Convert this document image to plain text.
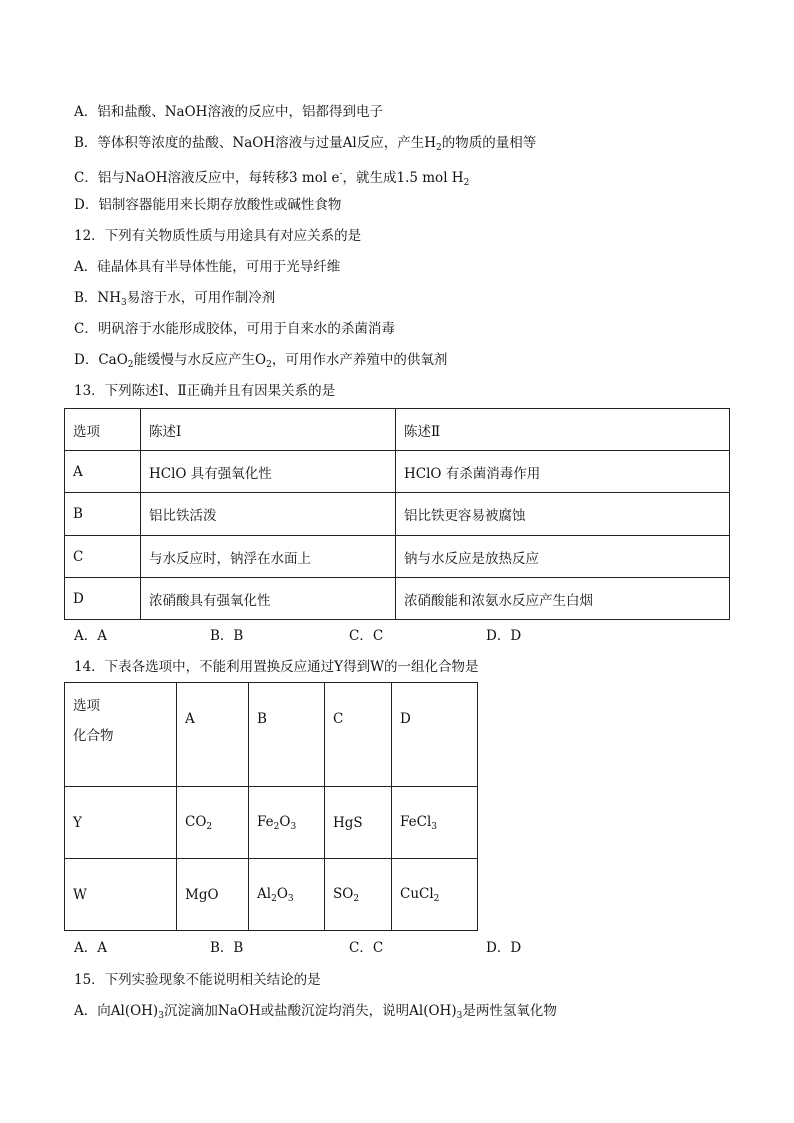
A．铝和盐酸、NaOH溶液的反应中，铝都得到电子
B．等体积等浓度的盐酸、NaOH溶液与过量Al反应，产生$H_2$的物质的量相等
C．铝与NaOH溶液反应中，每转移3 mol e-，就生成1.5 mol $H_2$
D．铝制容器能用来长期存放酸性或碱性食物
12．下列有关物质性质与用途具有对应关系的是
A．硅晶体具有半导体性能，可用于光导纤维
B．$NH_3$易溶于水，可用作制冷剂
C．明矾溶于水能形成胶体，可用于自来水的杀菌消毒
D．CaO$_2$能缓慢与水反应产生$O_2$，可用作水产养殖中的供氧剂
13．下列陈述Ⅰ、Ⅱ正确并且有因果关系的是
选项	陈述Ⅰ	陈述Ⅱ
A	HClO 具有强氧化性	HClO 有杀菌消毒作用
B	铝比铁活泼	铝比铁更容易被腐蚀
C	与水反应时，钠浮在水面上	钠与水反应是放热反应
D	浓硝酸具有强氧化性	浓硝酸能和浓氨水反应产生白烟
A．A	B．B	C．C	D．D
14．下表各选项中，不能利用置换反应通过Y得到W的一组化合物是
选项
化合物	A	B	C	D
Y	$CO_2$	$Fe_2O_3$	HgS	FeCl$_3$
W	MgO	$Al_2O_3$	$SO_2$	CuCl$_2$
A．A	B．B	C．C	D．D
15．下列实验现象不能说明相关结论的是
A．向$Al(OH)_3$沉淀滴加NaOH或盐酸沉淀均消失，说明$Al(OH)_3$是两性氢氧化物
